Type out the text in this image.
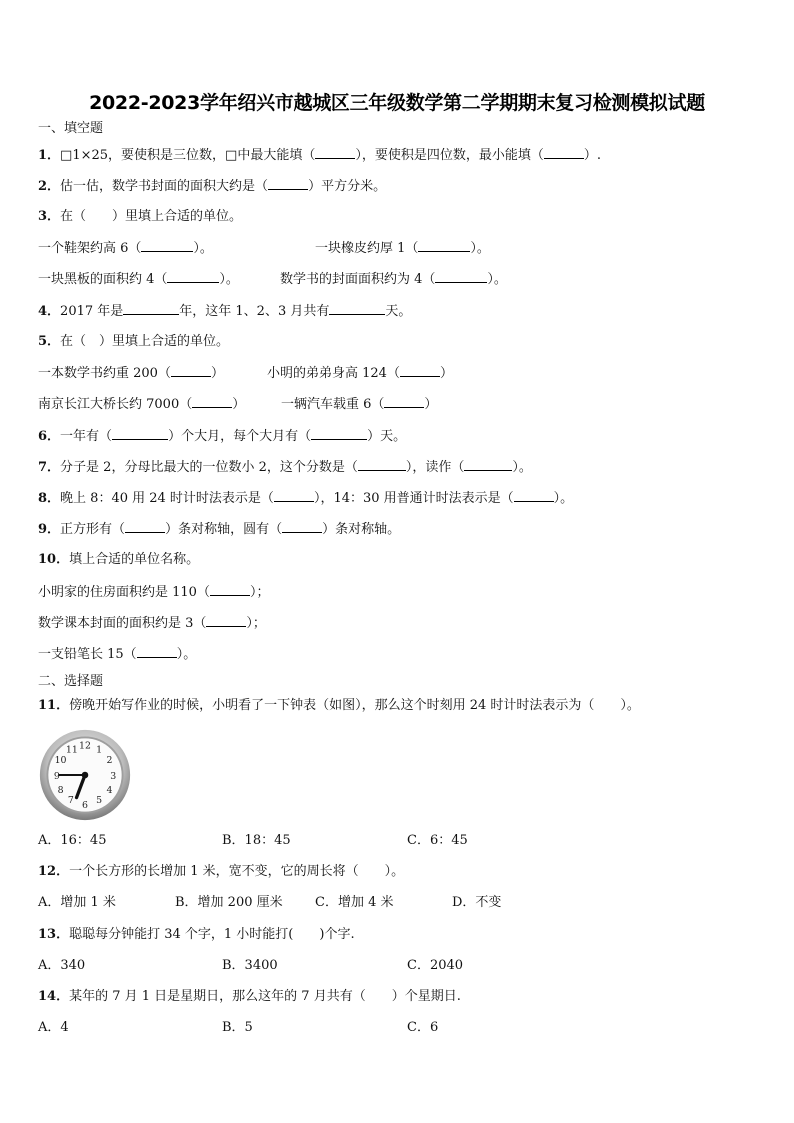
2022-2023学年绍兴市越城区三年级数学第二学期期末复习检测模拟试题
一、填空题
1．□1×25，要使积是三位数，□中最大能填（	），要使积是四位数，最小能填（	）.
2．估一估，数学书封面的面积大约是（	）平方分米。
3．在（　　）里填上合适的单位。
一个鞋架约高 6（	）。	一块橡皮约厚 1（	）。
一块黑板的面积约 4（	）。	数学书的封面面积约为 4（	）。
4．2017 年是	年，这年 1、2、3 月共有	天。
5．在（　）里填上合适的单位。
一本数学书约重 200（	）	小明的弟弟身高 124（	）
南京长江大桥长约 7000（	）	一辆汽车载重 6（	）
6．一年有（	）个大月，每个大月有（	）天。
7．分子是 2，分母比最大的一位数小 2，这个分数是（	），读作（	）。
8．晚上 8：40 用 24 时计时法表示是（	），14：30 用普通计时法表示是（	）。
9．正方形有（	）条对称轴，圆有（	）条对称轴。
10．填上合适的单位名称。
小明家的住房面积约是 110（	）；
数学课本封面的面积约是 3（	）；
一支铅笔长 15（	）。
二、选择题
11．傍晚开始写作业的时候，小明看了一下钟表（如图），那么这个时刻用 24 时计时法表示为（　　）。
12 1
2
3
4
5
6
7
8
9
10
11
A．16：45	B．18：45	C．6：45
12．一个长方形的长增加 1 米，宽不变，它的周长将（　　）。
A．增加 1 米	B．增加 200 厘米 C．增加 4 米	D．不变
13．聪聪每分钟能打 34 个字，1 小时能打(　　)个字.
A．340	B．3400	C．2040
14．某年的 7 月 1 日是星期日，那么这年的 7 月共有（　　）个星期日.
A．4	B．5	C．6
